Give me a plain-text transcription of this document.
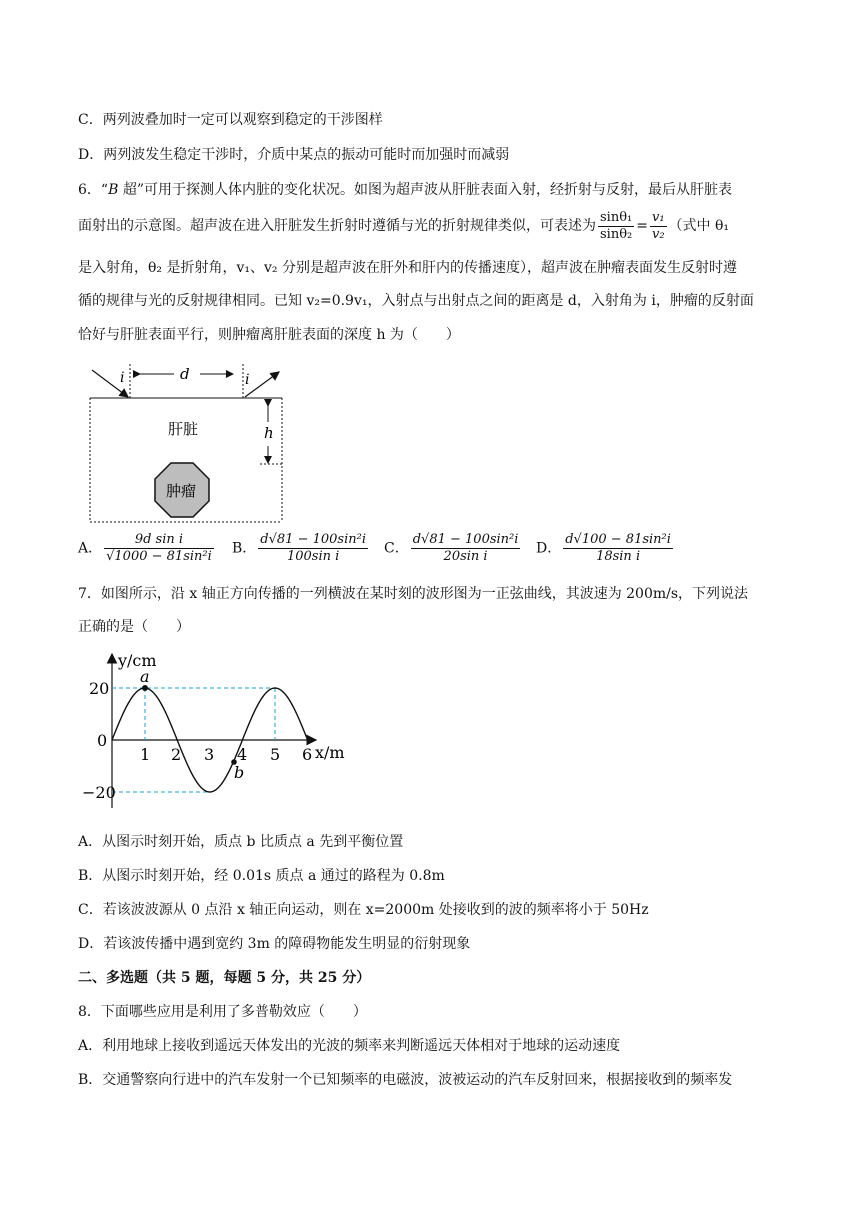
C．两列波叠加时一定可以观察到稳定的干涉图样
D．两列波发生稳定干涉时，介质中某点的振动可能时而加强时而减弱
6．“B 超”可用于探测人体内脏的变化状况。如图为超声波从肝脏表面入射，经折射与反射，最后从肝脏表
面射出的示意图。超声波在进入肝脏发生折射时遵循与光的折射规律类似，可表述为 $\frac{\text{sinθ₁}}{\text{sinθ₂}} = \frac{\text{v₁}}{\text{v₂}}$ （式中 θ₁
是入射角，θ₂ 是折射角，v₁、v₂ 分别是超声波在肝外和肝内的传播速度），超声波在肿瘤表面发生反射时遵
循的规律与光的反射规律相同。已知 v₂=0.9v₁，入射点与出射点之间的距离是 d，入射角为 i，肿瘤的反射面
恰好与肝脏表面平行，则肿瘤离肝脏表面的深度 h 为（　　）
d
i	i
h
肝脏
肿瘤
A． $\frac{\text{9d sin i}}{\text{√1000 − 81sin²i}}$ B． $\frac{\text{d√81 − 100sin²i}}{\text{100sin i}}$ C． $\frac{\text{d√81 − 100sin²i}}{\text{20sin i}}$ D． $\frac{\text{d√100 − 81sin²i}}{\text{18sin i}}$
7．如图所示，沿 x 轴正方向传播的一列横波在某时刻的波形图为一正弦曲线，其波速为 200m/s，下列说法
正确的是（　　）
a
b
y/cm
x/m
20
0
−20
1 2 3 4 5 6
A．从图示时刻开始，质点 b 比质点 a 先到平衡位置
B．从图示时刻开始，经 0.01s 质点 a 通过的路程为 0.8m
C．若该波波源从 0 点沿 x 轴正向运动，则在 x=2000m 处接收到的波的频率将小于 50Hz
D．若该波传播中遇到宽约 3m 的障碍物能发生明显的衍射现象
二、多选题（共 5 题，每题 5 分，共 25 分）
8．下面哪些应用是利用了多普勒效应（　　）
A．利用地球上接收到遥远天体发出的光波的频率来判断遥远天体相对于地球的运动速度
B．交通警察向行进中的汽车发射一个已知频率的电磁波，波被运动的汽车反射回来，根据接收到的频率发
